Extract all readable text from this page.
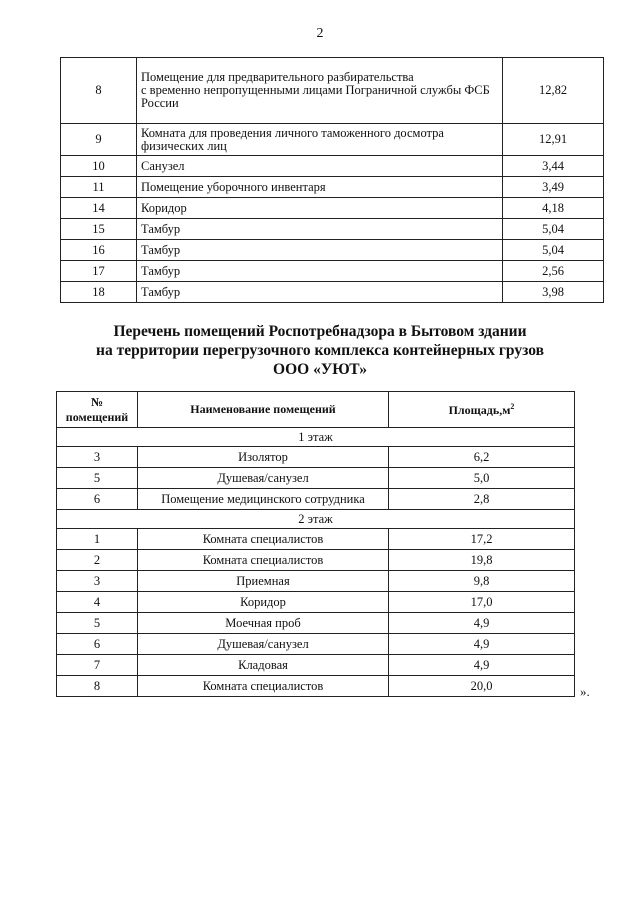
2
8	Помещение для предварительного разбирательства
с временно непропущенными лицами Пограничной службы ФСБ
России	12,82
9	Комната для проведения личного таможенного досмотра
физических лиц	12,91
10	Санузел	3,44
11	Помещение уборочного инвентаря	3,49
14	Коридор	4,18
15	Тамбур	5,04
16	Тамбур	5,04
17	Тамбур	2,56
18	Тамбур	3,98
Перечень помещений Роспотребнадзора в Бытовом здании
на территории перегрузочного комплекса контейнерных грузов
ООО «УЮТ»
№
помещений	Наименование помещений	$Площадь,м^2$
1 этаж		
3	Изолятор	6,2
5	Душевая/санузел	5,0
6	Помещение медицинского сотрудника	2,8
2 этаж		
1	Комната специалистов	17,2
2	Комната специалистов	19,8
3	Приемная	9,8
4	Коридор	17,0
5	Моечная проб	4,9
6	Душевая/санузел	4,9
7	Кладовая	4,9
8	Комната специалистов	20,0	».
